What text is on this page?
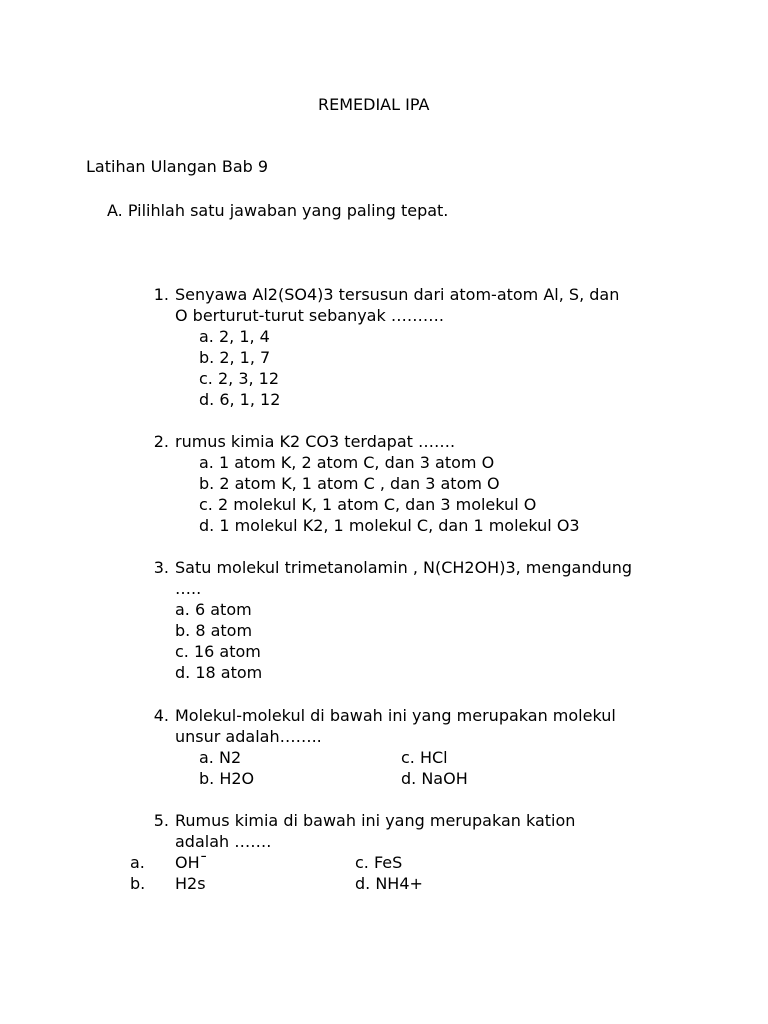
REMEDIAL IPA
Latihan Ulangan Bab 9
A. Pilihlah satu jawaban yang paling tepat.
1. Senyawa Al2(SO4)3 tersusun dari atom-atom Al, S, dan
O berturut-turut sebanyak ……….
a. 2, 1, 4
b. 2, 1, 7
c. 2, 3, 12
d. 6, 1, 12
2. rumus kimia K2 CO3 terdapat …….
a. 1 atom K, 2 atom C, dan 3 atom O
b. 2 atom K, 1 atom C , dan 3 atom O
c. 2 molekul K, 1 atom C, dan 3 molekul O
d. 1 molekul K2, 1 molekul C, dan 1 molekul O3
3. Satu molekul trimetanolamin , N(CH2OH)3, mengandung
…..
a. 6 atom
b. 8 atom
c. 16 atom
d. 18 atom
4. Molekul-molekul di bawah ini yang merupakan molekul
unsur adalah……..
a. N2	c. HCl
b. H2O	d. NaOH
5. Rumus kimia di bawah ini yang merupakan kation
adalah …….
a. OH¯	c. FeS
b. H2s	d. NH4+
